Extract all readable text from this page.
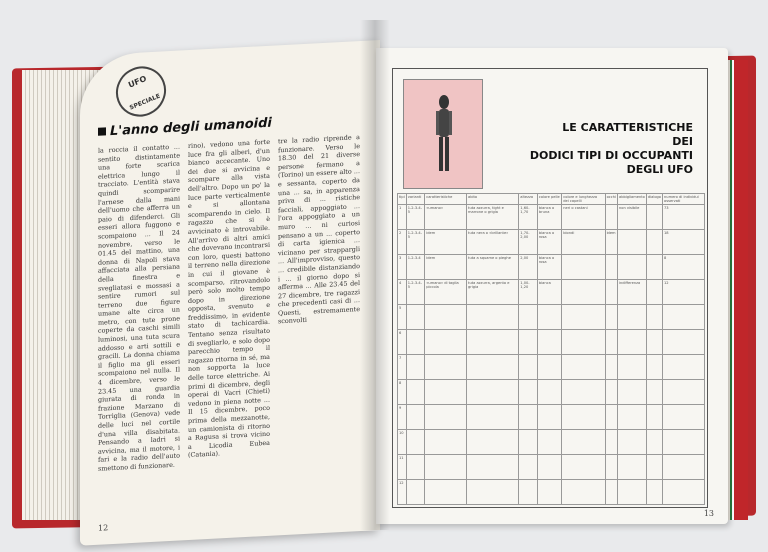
UFO
SPECIALE
L'anno degli umanoidi
la roccia il contatto ... sentito distintamente una forte scarica elettrica lungo il tracciato. L'entità stava quindi scomparire l'arnese dalla mani dell'uomo che afferra un paio di difenderci. Gli esseri allora fuggono e scompaiono ... Il 24 novembre, verso le 01.45 del mattino, una donna di Napoli stava affacciata alla persiana della finestra e svegliatasi e mossasi a sentire rumori sul terreno due figure umane alte circa un metro, con tute prone coperte da caschi simili luminosi, una tuta scura addosso e arti sottili e gracili. La donna chiama il figlio ma gli esseri scompaiono nel nulla. Il 4 dicembre, verso le 23.45 una guardia giurata di ronda in frazione Marzano di Torriglia (Genova) vede delle luci nel cortile d'una villa disabitata. Pensando a ladri si avvicina, ma il motore, i fari e la radio dell'auto smettono di funzionare.
rino), vedono una forte luce fra gli alberi, d'un bianco accecante. Uno dei due si avvicina e scompare alla vista dell'altro. Dopo un po' la luce parte verticalmente e si allontana scomparendo in cielo. Il ragazzo che si è avvicinato è introvabile. All'arrivo di altri amici che dovevano incontrarsi con loro, questi battono il terreno nella direzione in cui il giovane è scomparso, ritrovandolo però solo molto tempo dopo in direzione opposta, svenuto e freddissimo, in evidente stato di tachicardia. Tentano senza risultato di svegliarlo, e solo dopo parecchio tempo il ragazzo ritorna in sé, ma non sopporta la luce delle torce elettriche. Ai primi di dicembre, degli operai di Vacri (Chieti) vedono in piena notte ... Il 15 dicembre, poco prima della mezzanotte, un camionista di ritorno a Ragusa si trova vicino a Licodia Eubea (Catania).
tre la radio riprende a funzionare. Verso le 18.30 del 21 diverse persone fermano a (Torino) un essere alto ... e sessanta, coperto da una ... sa, in apparenza priva di ... ristiche facciali, appoggiato ... l'ora appoggiato a un muro ... ni curiosi pensano a un ... coperto di carta igienica ... vicinano per strappargli ... All'improvviso, questo ... credibile distanziando i ... il giorno dopo si afferma ... Alle 23.45 del 27 dicembre, tre ragazzi che precedenti casi di ... Questi, estremamente sconvolti
12
LE CARATTERISTICHE
DEI
DODICI TIPI DI OCCUPANTI
DEGLI UFO
tipi	varianti	caratteristiche	abito	altezza	colore pelle	colore e lunghezza dei capelli	occhi	abbigliamento	dialogo	numero di individui osservati
1	1-2-3-4-5	«umano»	tuta azzurra, tight e marrone o grigia	1,60-1,70	bianca o bruna	neri o castani		non visibile		73
2	1-2-3-4-5	idem	tuta nera o «brillante»	1,70-2,00	bianca o rosa	biondi	idem			18
3	1-2-3-4	idem	tuta a squame o pieghe	2,00	bianca o rosa					8
4	1-2-3-4-5	«umano» di taglia piccola	tuta azzurra, argento e grigia	1,00-1,20	bianca			indifferenza		12
5										
6										
7										
8										
9										
10										
11										
12										
13
